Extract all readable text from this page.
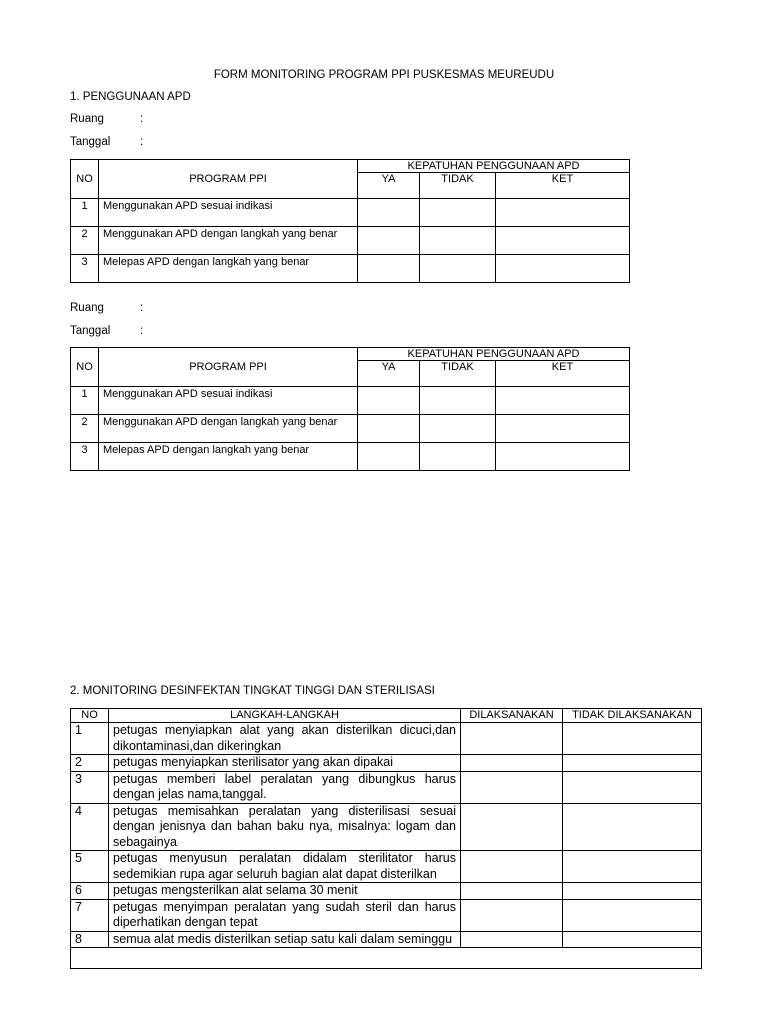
FORM MONITORING PROGRAM PPI PUSKESMAS MEUREUDU
1. PENGGUNAAN APD
Ruang	:
Tanggal	:
NO	PROGRAM PPI	KEPATUHAN PENGGUNAAN APD		
		YA	TIDAK	KET
1	Menggunakan APD sesuai indikasi			
2	Menggunakan APD dengan langkah yang benar			
3	Melepas APD dengan langkah yang benar			
Ruang	:
Tanggal	:
NO	PROGRAM PPI	KEPATUHAN PENGGUNAAN APD		
		YA	TIDAK	KET
1	Menggunakan APD sesuai indikasi			
2	Menggunakan APD dengan langkah yang benar			
3	Melepas APD dengan langkah yang benar			
2. MONITORING DESINFEKTAN TINGKAT TINGGI DAN STERILISASI
NO	LANGKAH-LANGKAH	DILAKSANAKAN	TIDAK DILAKSANAKAN
1	petugas menyiapkan alat yang akan disterilkan dicuci,dan dikontaminasi,dan dikeringkan		
2	petugas menyiapkan sterilisator yang akan dipakai		
3	petugas memberi label peralatan yang dibungkus harus dengan jelas nama,tanggal.		
4	petugas memisahkan peralatan yang disterilisasi sesuai dengan jenisnya dan bahan baku nya, misalnya: logam dan sebagainya		
5	petugas menyusun peralatan didalam sterilitator harus sedemikian rupa agar seluruh bagian alat dapat disterilkan		
6	petugas mengsterilkan alat selama 30 menit		
7	petugas menyimpan peralatan yang sudah steril dan harus diperhatikan dengan tepat		
8	semua alat medis disterilkan setiap satu kali dalam seminggu		
